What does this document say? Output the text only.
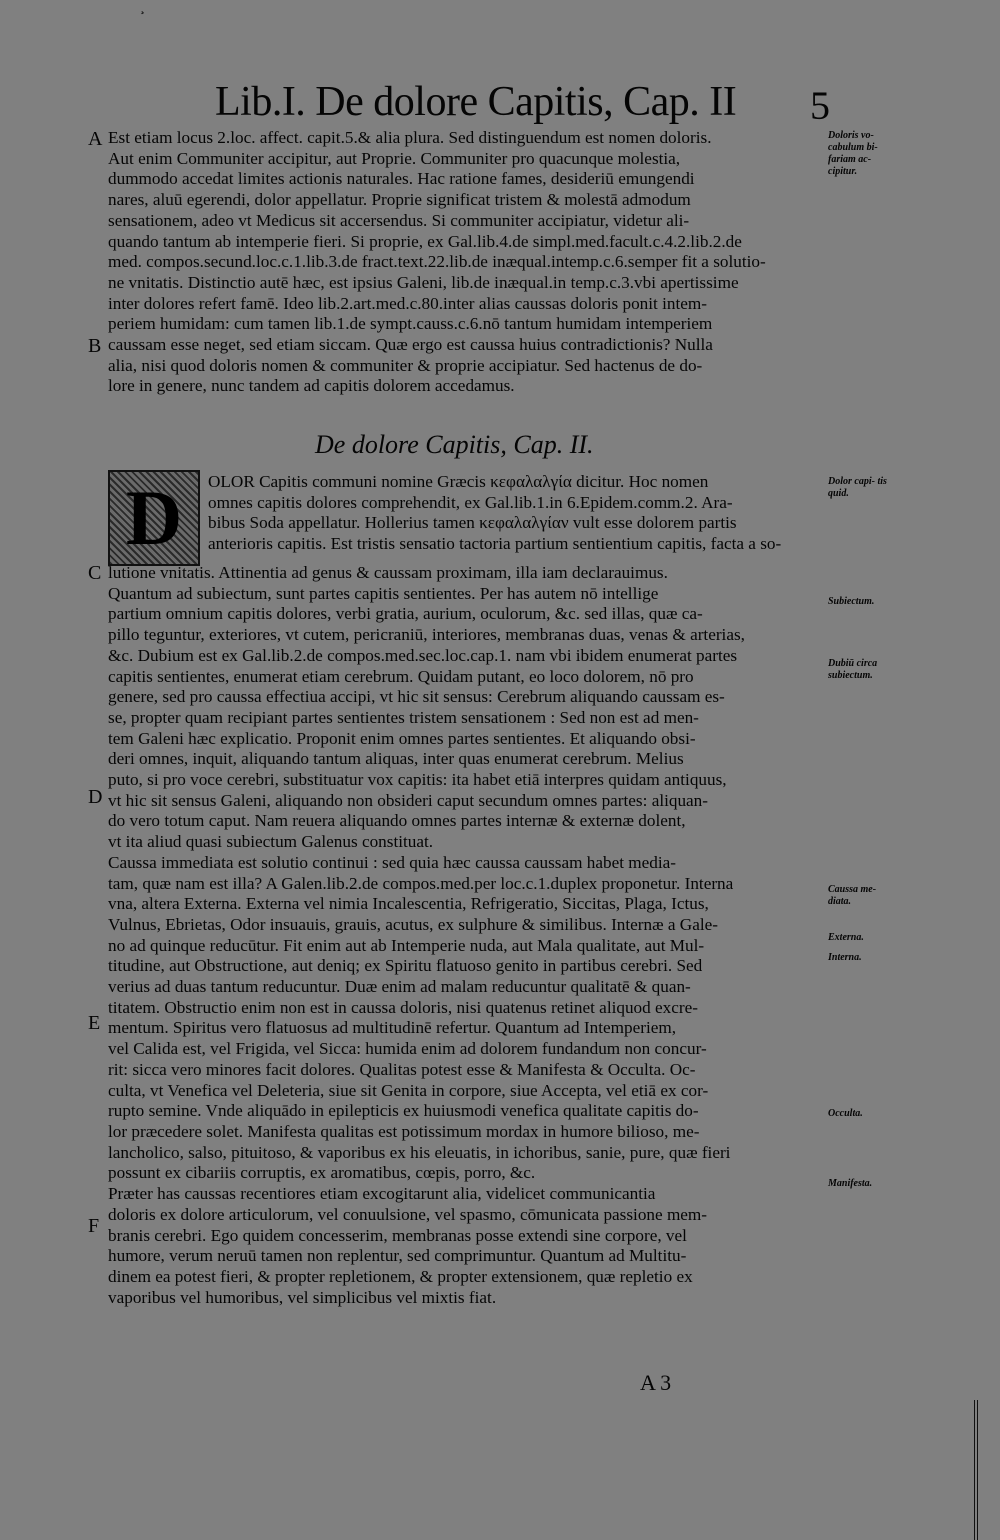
¸
Lib.I. De dolore Capitis, Cap. II 5
A
B
C
D
E
F
Est etiam locus 2.loc. affect. capit.5.& alia plura. Sed distinguendum est nomen doloris.
Aut enim Communiter accipitur, aut Proprie. Communiter pro quacunque molestia,
dummodo accedat limites actionis naturales. Hac ratione fames, desideriū emungendi
nares, aluū egerendi, dolor appellatur. Proprie significat tristem & molestā admodum
sensationem, adeo vt Medicus sit accersendus. Si communiter accipiatur, videtur ali-
quando tantum ab intemperie fieri. Si proprie, ex Gal.lib.4.de simpl.med.facult.c.4.2.lib.2.de
med. compos.secund.loc.c.1.lib.3.de fract.text.22.lib.de inæqual.intemp.c.6.semper fit a solutio-
ne vnitatis. Distinctio autē hæc, est ipsius Galeni, lib.de inæqual.in temp.c.3.vbi apertissime
inter dolores refert famē. Ideo lib.2.art.med.c.80.inter alias caussas doloris ponit intem-
periem humidam: cum tamen lib.1.de sympt.causs.c.6.nō tantum humidam intemperiem
caussam esse neget, sed etiam siccam. Quæ ergo est caussa huius contradictionis? Nulla
alia, nisi quod doloris nomen & communiter & proprie accipiatur. Sed hactenus de do-
lore in genere, nunc tandem ad capitis dolorem accedamus.
De dolore Capitis, Cap. II.
D	OLOR Capitis communi nomine Græcis κεφαλαλγία dicitur. Hoc nomen
omnes capitis dolores comprehendit, ex Gal.lib.1.in 6.Epidem.comm.2. Ara-
bibus Soda appellatur. Hollerius tamen κεφαλαλγίαν vult esse dolorem partis
anterioris capitis. Est tristis sensatio tactoria partium sentientium capitis, facta a so-
lutione vnitatis. Attinentia ad genus & caussam proximam, illa iam declarauimus.
Quantum ad subiectum, sunt partes capitis sentientes. Per has autem nō intellige
partium omnium capitis dolores, verbi gratia, aurium, oculorum, &c. sed illas, quæ ca-
pillo teguntur, exteriores, vt cutem, pericraniū, interiores, membranas duas, venas & arterias,
&c. Dubium est ex Gal.lib.2.de compos.med.sec.loc.cap.1. nam vbi ibidem enumerat partes
capitis sentientes, enumerat etiam cerebrum. Quidam putant, eo loco dolorem, nō pro
genere, sed pro caussa effectiua accipi, vt hic sit sensus: Cerebrum aliquando caussam es-
se, propter quam recipiant partes sentientes tristem sensationem : Sed non est ad men-
tem Galeni hæc explicatio. Proponit enim omnes partes sentientes. Et aliquando obsi-
deri omnes, inquit, aliquando tantum aliquas, inter quas enumerat cerebrum. Melius
puto, si pro voce cerebri, substituatur vox capitis: ita habet etiā interpres quidam antiquus,
vt hic sit sensus Galeni, aliquando non obsideri caput secundum omnes partes: aliquan-
do vero totum caput. Nam reuera aliquando omnes partes internæ & externæ dolent,
vt ita aliud quasi subiectum Galenus constituat.
Caussa immediata est solutio continui : sed quia hæc caussa caussam habet media-
tam, quæ nam est illa? A Galen.lib.2.de compos.med.per loc.c.1.duplex proponetur. Interna
vna, altera Externa. Externa vel nimia Incalescentia, Refrigeratio, Siccitas, Plaga, Ictus,
Vulnus, Ebrietas, Odor insuauis, grauis, acutus, ex sulphure & similibus. Internæ a Gale-
no ad quinque reducūtur. Fit enim aut ab Intemperie nuda, aut Mala qualitate, aut Mul-
titudine, aut Obstructione, aut deniq; ex Spiritu flatuoso genito in partibus cerebri. Sed
verius ad duas tantum reducuntur. Duæ enim ad malam reducuntur qualitatē & quan-
titatem. Obstructio enim non est in caussa doloris, nisi quatenus retinet aliquod excre-
mentum. Spiritus vero flatuosus ad multitudinē refertur. Quantum ad Intemperiem,
vel Calida est, vel Frigida, vel Sicca: humida enim ad dolorem fundandum non concur-
rit: sicca vero minores facit dolores. Qualitas potest esse & Manifesta & Occulta. Oc-
culta, vt Venefica vel Deleteria, siue sit Genita in corpore, siue Accepta, vel etiā ex cor-
rupto semine. Vnde aliquādo in epilepticis ex huiusmodi venefica qualitate capitis do-
lor præcedere solet. Manifesta qualitas est potissimum mordax in humore bilioso, me-
lancholico, salso, pituitoso, & vaporibus ex his eleuatis, in ichoribus, sanie, pure, quæ fieri
possunt ex cibariis corruptis, ex aromatibus, cœpis, porro, &c.
Præter has caussas recentiores etiam excogitarunt alia, videlicet communicantia
doloris ex dolore articulorum, vel conuulsione, vel spasmo, cōmunicata passione mem-
branis cerebri. Ego quidem concesserim, membranas posse extendi sine corpore, vel
humore, verum neruū tamen non replentur, sed comprimuntur. Quantum ad Multitu-
dinem ea potest fieri, & propter repletionem, & propter extensionem, quæ repletio ex
vaporibus vel humoribus, vel simplicibus vel mixtis fiat.
Doloris vo- cabulum bi- fariam ac- cipitur.
Dolor capi- tis quid.
Subiectum.
Dubiū circa subiectum.
Caussa me- diata.
Externa.
Interna.
Occulta.
Manifesta.
A 3
